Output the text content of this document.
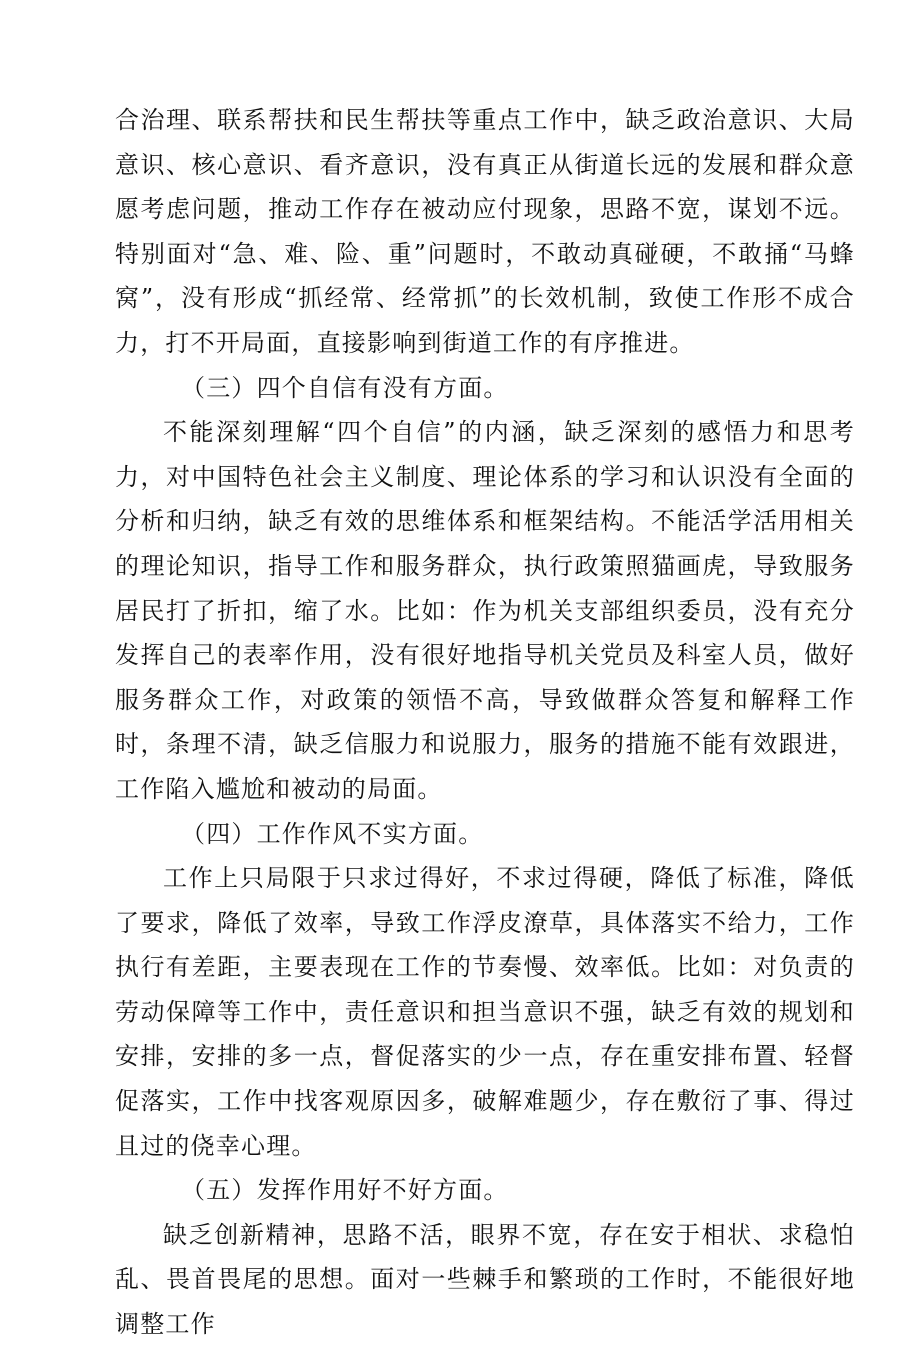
合治理、联系帮扶和民生帮扶等重点工作中，缺乏政治意识、大局意识、核心意识、看齐意识，没有真正从街道长远的发展和群众意愿考虑问题，推动工作存在被动应付现象，思路不宽，谋划不远。特别面对“急、难、险、重”问题时，不敢动真碰硬，不敢捅“马蜂窝”，没有形成“抓经常、经常抓”的长效机制，致使工作形不成合力，打不开局面，直接影响到街道工作的有序推进。

（三）四个自信有没有方面。

不能深刻理解“四个自信”的内涵，缺乏深刻的感悟力和思考力，对中国特色社会主义制度、理论体系的学习和认识没有全面的分析和归纳，缺乏有效的思维体系和框架结构。不能活学活用相关的理论知识，指导工作和服务群众，执行政策照猫画虎，导致服务居民打了折扣，缩了水。比如：作为机关支部组织委员，没有充分发挥自己的表率作用，没有很好地指导机关党员及科室人员，做好服务群众工作，对政策的领悟不高，导致做群众答复和解释工作时，条理不清，缺乏信服力和说服力，服务的措施不能有效跟进，工作陷入尴尬和被动的局面。

（四）工作作风不实方面。

工作上只局限于只求过得好，不求过得硬，降低了标准，降低了要求，降低了效率，导致工作浮皮潦草，具体落实不给力，工作执行有差距，主要表现在工作的节奏慢、效率低。比如：对负责的劳动保障等工作中，责任意识和担当意识不强，缺乏有效的规划和安排，安排的多一点，督促落实的少一点，存在重安排布置、轻督促落实，工作中找客观原因多，破解难题少，存在敷衍了事、得过且过的侥幸心理。

（五）发挥作用好不好方面。

缺乏创新精神，思路不活，眼界不宽，存在安于相状、求稳怕乱、畏首畏尾的思想。面对一些棘手和繁琐的工作时，不能很好地调整工作
